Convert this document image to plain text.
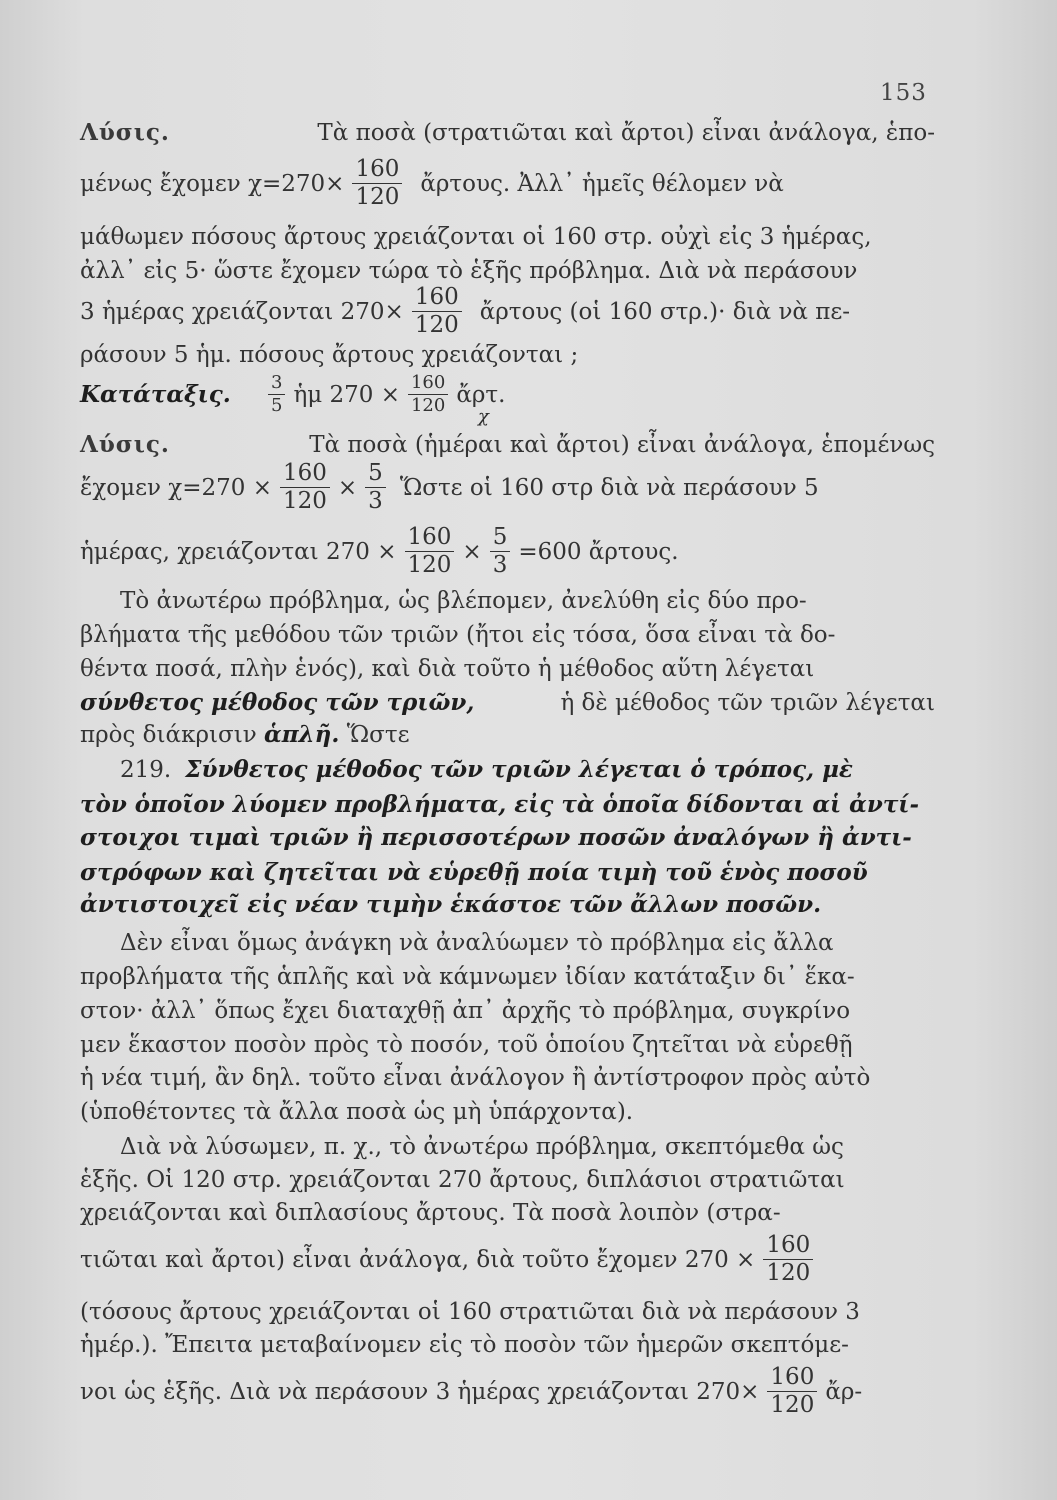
153
Λύσις.	Τὰ ποσὰ (στρατιῶται καὶ ἄρτοι) εἶναι ἀνάλογα, ἑπο-
μένως ἔχομεν $\chi=270\times \frac{160}{120}$ ἄρτους. Ἀλλ᾽ ἡμεῖς θέλομεν νὰ
μάθωμεν πόσους ἄρτους χρειάζονται οἱ 160 στρ. οὐχὶ εἰς 3 ἡμέρας,
ἀλλ᾽ εἰς 5· ὥστε ἔχομεν τώρα τὸ ἑξῆς πρόβλημα. Διὰ νὰ περάσουν
3 ἡμέρας χρειάζονται $270\times \frac{160}{120}$ ἄρτους (οἱ 160 στρ.)· διὰ νὰ πε-
ράσουν 5 ἡμ. πόσους ἄρτους χρειάζονται ;
Κατάταξις.	$\frac{3}{5}$ ἡμ $270 \times \frac{160}{120}$ ἄρτ.
χ
Λύσις.	Τὰ ποσὰ (ἡμέραι καὶ ἄρτοι) εἶναι ἀνάλογα, ἑπομένως
ἔχομεν $\chi=270 \times \frac{160}{120} \times \frac{5}{3}$ Ὥστε οἱ 160 στρ διὰ νὰ περάσουν 5
ἡμέρας, χρειάζονται $270 \times \frac{160}{120} \times \frac{5}{3} =600$ ἄρτους.
Τὸ ἀνωτέρω πρόβλημα, ὡς βλέπομεν, ἀνελύθη εἰς δύο προ-
βλήματα τῆς μεθόδου τῶν τριῶν (ἤτοι εἰς τόσα, ὅσα εἶναι τὰ δο-
θέντα ποσά, πλὴν ἑνός), καὶ διὰ τοῦτο ἡ μέθοδος αὕτη λέγεται
σύνθετος μέθοδος τῶν τριῶν,	ἡ δὲ μέθοδος τῶν τριῶν λέγεται
πρὸς διάκρισιν ἁπλῆ. Ὥστε
219. Σύνθετος μέθοδος τῶν τριῶν λέγεται ὁ τρόπος, μὲ
τὸν ὁποῖον λύομεν προβλήματα, εἰς τὰ ὁποῖα δίδονται αἱ ἀντί-
στοιχοι τιμαὶ τριῶν ἢ περισσοτέρων ποσῶν ἀναλόγων ἢ ἀντι-
στρόφων καὶ ζητεῖται νὰ εὑρεθῇ ποία τιμὴ τοῦ ἑνὸς ποσοῦ
ἀντιστοιχεῖ εἰς νέαν τιμὴν ἑκάστοε τῶν ἄλλων ποσῶν.
Δὲν εἶναι ὅμως ἀνάγκη νὰ ἀναλύωμεν τὸ πρόβλημα εἰς ἄλλα
προβλήματα τῆς ἁπλῆς καὶ νὰ κάμνωμεν ἰδίαν κατάταξιν δι᾽ ἕκα-
στον· ἀλλ᾽ ὅπως ἔχει διαταχθῇ ἀπ᾽ ἀρχῆς τὸ πρόβλημα, συγκρίνο
μεν ἕκαστον ποσὸν πρὸς τὸ ποσόν, τοῦ ὁποίου ζητεῖται νὰ εὑρεθῇ
ἡ νέα τιμή, ἂν δηλ. τοῦτο εἶναι ἀνάλογον ἢ ἀντίστροφον πρὸς αὐτὸ
(ὑποθέτοντες τὰ ἄλλα ποσὰ ὡς μὴ ὑπάρχοντα).
Διὰ νὰ λύσωμεν, π. χ., τὸ ἀνωτέρω πρόβλημα, σκεπτόμεθα ὡς
ἑξῆς. Οἱ 120 στρ. χρειάζονται 270 ἄρτους, διπλάσιοι στρατιῶται
χρειάζονται καὶ διπλασίους ἄρτους. Τὰ ποσὰ λοιπὸν (στρα-
τιῶται καὶ ἄρτοι) εἶναι ἀνάλογα, διὰ τοῦτο ἔχομεν $270 \times \frac{160}{120}$
(τόσους ἄρτους χρειάζονται οἱ 160 στρατιῶται διὰ νὰ περάσουν 3
ἡμέρ.). Ἔπειτα μεταβαίνομεν εἰς τὸ ποσὸν τῶν ἡμερῶν σκεπτόμε-
νοι ὡς ἑξῆς. Διὰ νὰ περάσουν 3 ἡμέρας χρειάζονται $270\times \frac{160}{120}$ ἄρ-
